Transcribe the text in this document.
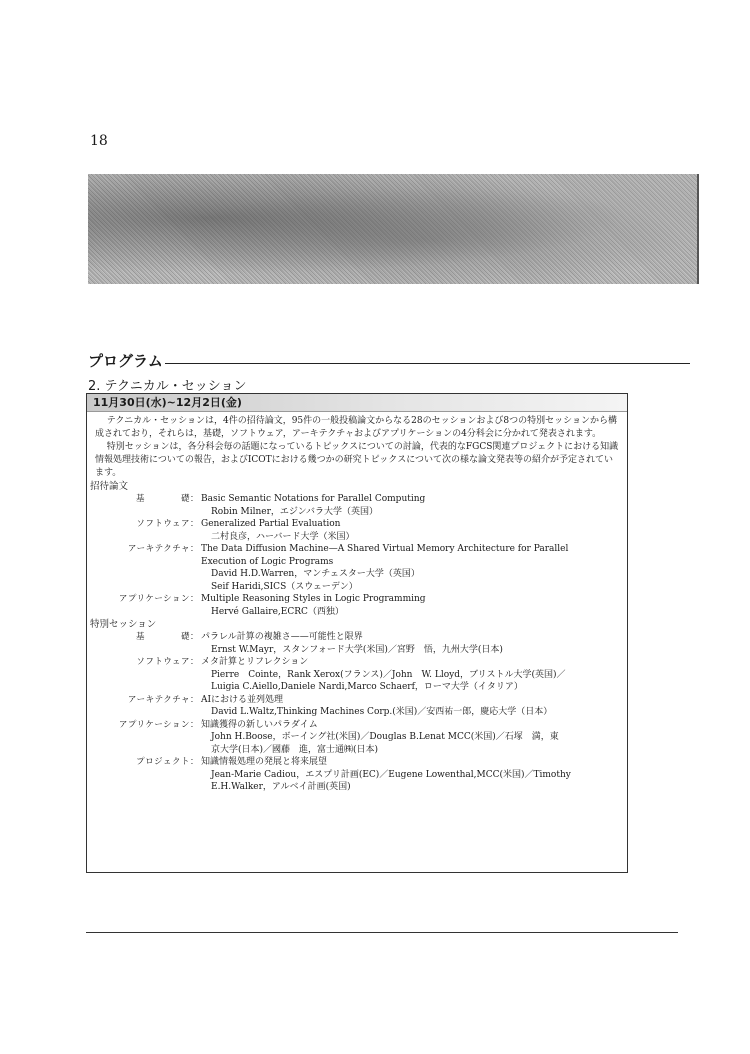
18
プログラム
2. テクニカル・セッション
11月30日(水)~12月2日(金)

テクニカル・セッションは，4件の招待論文，95件の一般投稿論文からなる28のセッションおよび8つの特別セッションから構成されており，それらは，基礎，ソフトウェア，アーキテクチャおよびアプリケーションの4分科会に分かれて発表されます。

特別セッションは，各分科会毎の話題になっているトピックスについての討論，代表的なFGCS関連プロジェクトにおける知識情報処理技術についての報告，およびICOTにおける幾つかの研究トピックスについて次の様な論文発表等の紹介が予定されています。

招待論文
基　　　　礎： Basic Semantic Notations for Parallel Computing
Robin Milner，エジンバラ大学（英国）
ソフトウェア： Generalized Partial Evaluation
二村良彦，ハーバード大学（米国）
アーキテクチャ： The Data Diffusion Machine—A Shared Virtual Memory Architecture for Parallel
Execution of Logic Programs
David H.D.Warren，マンチェスター大学（英国）
Seif Haridi,SICS（スウェーデン）
アプリケーション： Multiple Reasoning Styles in Logic Programming
Hervé Gallaire,ECRC（西独）
特別セッション
基　　　　礎： パラレル計算の複雑さ——可能性と限界
Ernst W.Mayr，スタンフォード大学(米国)／宮野　悟，九州大学(日本)
ソフトウェア： メタ計算とリフレクション
Pierre　Cointe，Rank Xerox(フランス)／John　W. Lloyd，ブリストル大学(英国)／
Luigia C.Aiello,Daniele Nardi,Marco Schaerf，ローマ大学（イタリア）
アーキテクチャ： AIにおける並列処理
David L.Waltz,Thinking Machines Corp.(米国)／安西祐一郎，慶応大学（日本）
アプリケーション： 知識獲得の新しいパラダイム
John H.Boose，ボーイング社(米国)／Douglas B.Lenat MCC(米国)／石塚　満，東
京大学(日本)／國藤　進，富士通㈱(日本)
プロジェクト： 知識情報処理の発展と将来展望
Jean-Marie Cadiou，エスプリ計画(EC)／Eugene Lowenthal,MCC(米国)／Timothy
E.H.Walker，アルベイ計画(英国)
